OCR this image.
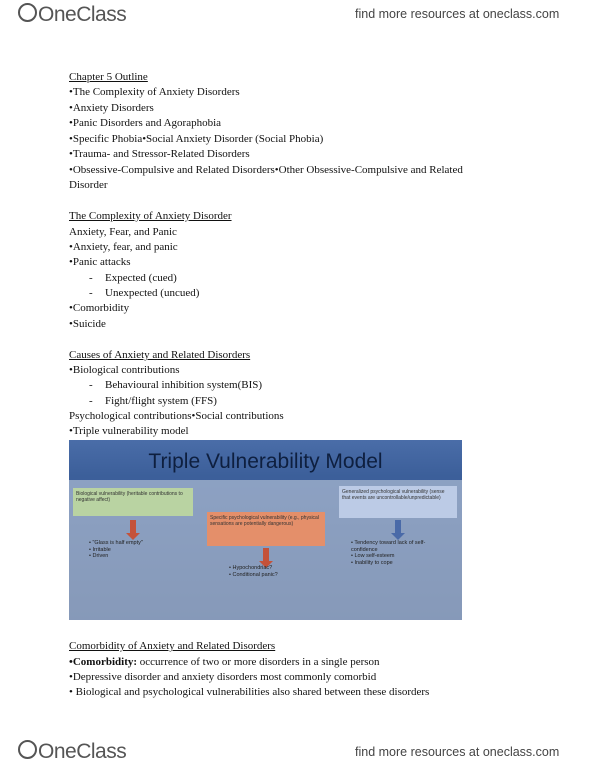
OneClass	find more resources at oneclass.com
Chapter 5 Outline
•The Complexity of Anxiety Disorders
•Anxiety Disorders
•Panic Disorders and Agoraphobia
•Specific Phobia•Social Anxiety Disorder (Social Phobia)
•Trauma- and Stressor-Related Disorders
•Obsessive-Compulsive and Related Disorders•Other Obsessive-Compulsive and Related
Disorder
The Complexity of Anxiety Disorder
Anxiety, Fear, and Panic
•Anxiety, fear, and panic
•Panic attacks
- Expected (cued)
- Unexpected (uncued)
•Comorbidity
•Suicide
Causes of Anxiety and Related Disorders
•Biological contributions
- Behavioural inhibition system(BIS)
- Fight/flight system (FFS)
Psychological contributions•Social contributions
•Triple vulnerability model
Triple Vulnerability Model
Biological vulnerability (heritable contributions to negative affect)
Specific psychological vulnerability (e.g., physical sensations are potentially dangerous)
Generalized psychological vulnerability (sense that events are uncontrollable/unpredictable)
• "Glass is half empty"
• Irritable
• Driven
• Hypochondriac?
• Conditional panic?
• Tendency toward lack of self-confidence
• Low self-esteem
• Inability to cope
Comorbidity of Anxiety and Related Disorders
•Comorbidity: occurrence of two or more disorders in a single person
•Depressive disorder and anxiety disorders most commonly comorbid
• Biological and psychological vulnerabilities also shared between these disorders
OneClass	find more resources at oneclass.com
